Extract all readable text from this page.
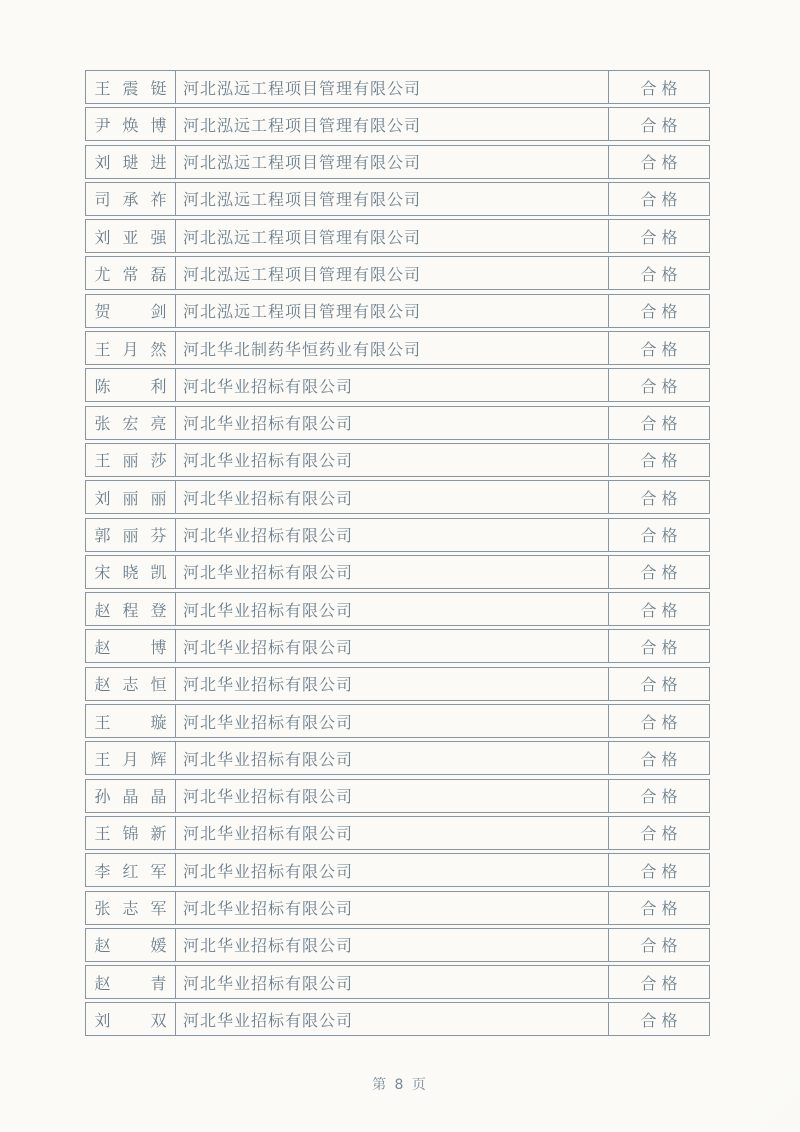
王震铤 河北泓远工程项目管理有限公司	合格
尹焕博 河北泓远工程项目管理有限公司	合格
刘琎进 河北泓远工程项目管理有限公司	合格
司承祚 河北泓远工程项目管理有限公司	合格
刘亚强 河北泓远工程项目管理有限公司	合格
尤常磊 河北泓远工程项目管理有限公司	合格
贺剑 河北泓远工程项目管理有限公司	合格
王月然 河北华北制药华恒药业有限公司	合格
陈利 河北华业招标有限公司	合格
张宏亮 河北华业招标有限公司	合格
王丽莎 河北华业招标有限公司	合格
刘丽丽 河北华业招标有限公司	合格
郭丽芬 河北华业招标有限公司	合格
宋晓凯 河北华业招标有限公司	合格
赵程登 河北华业招标有限公司	合格
赵博 河北华业招标有限公司	合格
赵志恒 河北华业招标有限公司	合格
王璇 河北华业招标有限公司	合格
王月辉 河北华业招标有限公司	合格
孙晶晶 河北华业招标有限公司	合格
王锦新 河北华业招标有限公司	合格
李红军 河北华业招标有限公司	合格
张志军 河北华业招标有限公司	合格
赵媛 河北华业招标有限公司	合格
赵青 河北华业招标有限公司	合格
刘双 河北华业招标有限公司	合格
第 8 页
